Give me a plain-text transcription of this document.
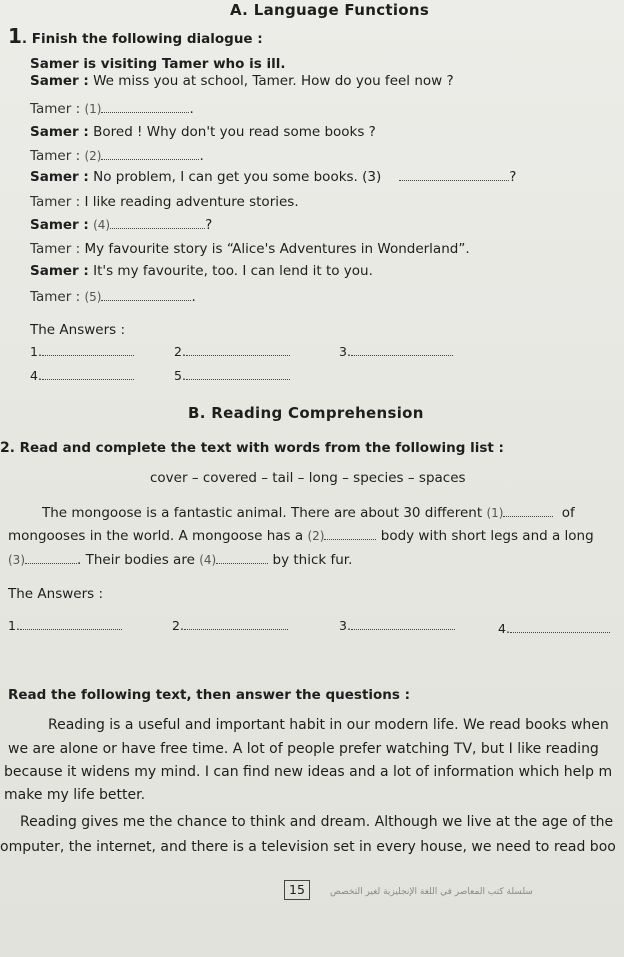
A. Language Functions
1. Finish the following dialogue :
Samer is visiting Tamer who is ill.
Samer : We miss you at school, Tamer. How do you feel now ?
Tamer : (1)	.
Samer : Bored ! Why don't you read some books ?
Tamer : (2)	.
Samer : No problem, I can get you some books. (3)	?
Tamer : I like reading adventure stories.
Samer : (4)	?
Tamer : My favourite story is “Alice's Adventures in Wonderland”.
Samer : It's my favourite, too. I can lend it to you.
Tamer : (5)	.
The Answers :
1.	2.	3.
4.	5.
B. Reading Comprehension
2. Read and complete the text with words from the following list :
cover – covered – tail – long – species – spaces
The mongoose is a fantastic animal. There are about 30 different (1)	of
mongooses in the world. A mongoose has a (2)	body with short legs and a long
(3)	. Their bodies are (4)	by thick fur.
The Answers :
1.	2.	3.	4.
Read the following text, then answer the questions :
Reading is a useful and important habit in our modern life. We read books when
we are alone or have free time. A lot of people prefer watching TV, but I like reading
because it widens my mind. I can find new ideas and a lot of information which help m
make my life better.
Reading gives me the chance to think and dream. Although we live at the age of the
omputer, the internet, and there is a television set in every house, we need to read boo
15	سلسلة كتب المعاصر في اللغة الإنجليزية لغير التخصص
